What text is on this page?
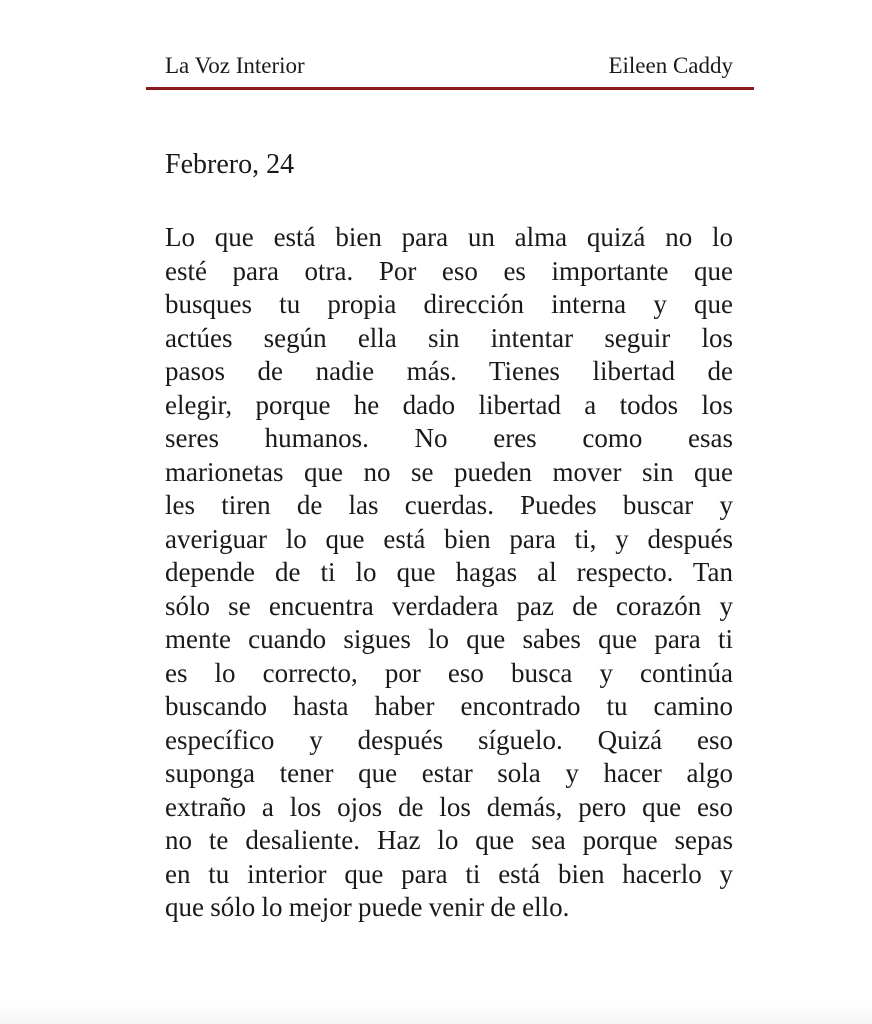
La Voz Interior	Eileen Caddy
Febrero, 24
Lo que está bien para un alma quizá no lo
esté para otra. Por eso es importante que
busques tu propia dirección interna y que
actúes según ella sin intentar seguir los
pasos de nadie más. Tienes libertad de
elegir, porque he dado libertad a todos los
seres humanos. No eres como esas
marionetas que no se pueden mover sin que
les tiren de las cuerdas. Puedes buscar y
averiguar lo que está bien para ti, y después
depende de ti lo que hagas al respecto. Tan
sólo se encuentra verdadera paz de corazón y
mente cuando sigues lo que sabes que para ti
es lo correcto, por eso busca y continúa
buscando hasta haber encontrado tu camino
específico y después síguelo. Quizá eso
suponga tener que estar sola y hacer algo
extraño a los ojos de los demás, pero que eso
no te desaliente. Haz lo que sea porque sepas
en tu interior que para ti está bien hacerlo y
que sólo lo mejor puede venir de ello.
